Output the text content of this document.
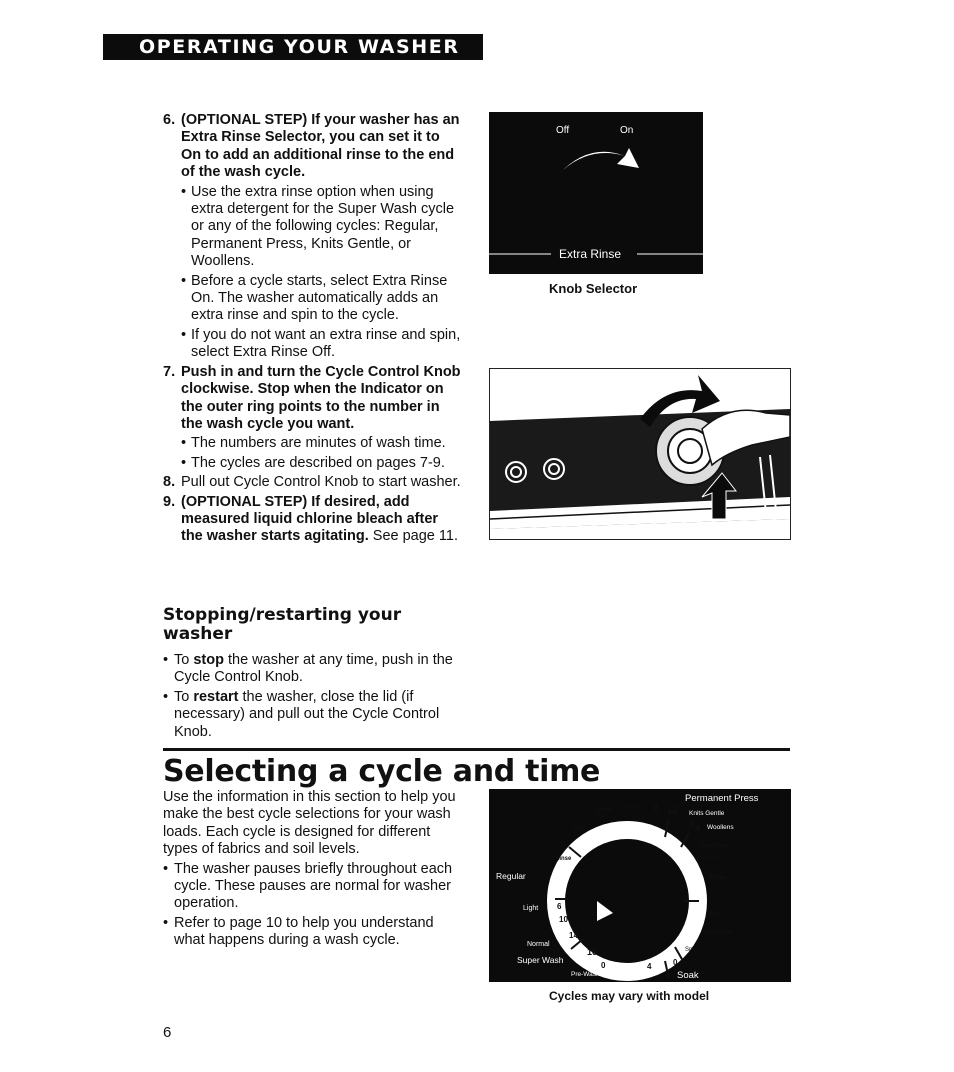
OPERATING YOUR WASHER
6. (OPTIONAL STEP) If your washer has an Extra Rinse Selector, you can set it to On to add an additional rinse to the end of the wash cycle.
• Use the extra rinse option when using extra detergent for the Super Wash cycle or any of the following cycles: Regular, Permanent Press, Knits Gentle, or Woollens.
• Before a cycle starts, select Extra Rinse On. The washer automatically adds an extra rinse and spin to the cycle.
• If you do not want an extra rinse and spin, select Extra Rinse Off.
7. Push in and turn the Cycle Control Knob clockwise. Stop when the Indicator on the outer ring points to the number in the wash cycle you want.
• The numbers are minutes of wash time.
• The cycles are described on pages 7-9.
8. Pull out Cycle Control Knob to start washer.
9. (OPTIONAL STEP) If desired, add measured liquid chlorine bleach after the washer starts agitating. See page 11.
Off	On
Extra Rinse
Knob Selector
Stopping/restarting your washer
• To stop the washer at any time, push in the Cycle Control Knob.
• To restart the washer, close the lid (if necessary) and pull out the Cycle Control Knob.
Selecting a cycle and time
Use the information in this section to help you make the best cycle selections for your wash loads. Each cycle is designed for different types of fabrics and soil levels.
• The washer pauses briefly throughout each cycle. These pauses are normal for washer operation.
• Refer to page 10 to help you understand what happens during a wash cycle.
Permanent Press
Knits Gentle
Woollens
Regular
Light
Normal
Super Wash
Pre-Wash	Soak
Extra
Rinse
Spin
Spin
Rinse
Cool Down
Pause
Rinse
Spin
Extra Rinse
Spin
0 12
6 4
6
10
14
16
0	4	0
Cycles may vary with model
6
